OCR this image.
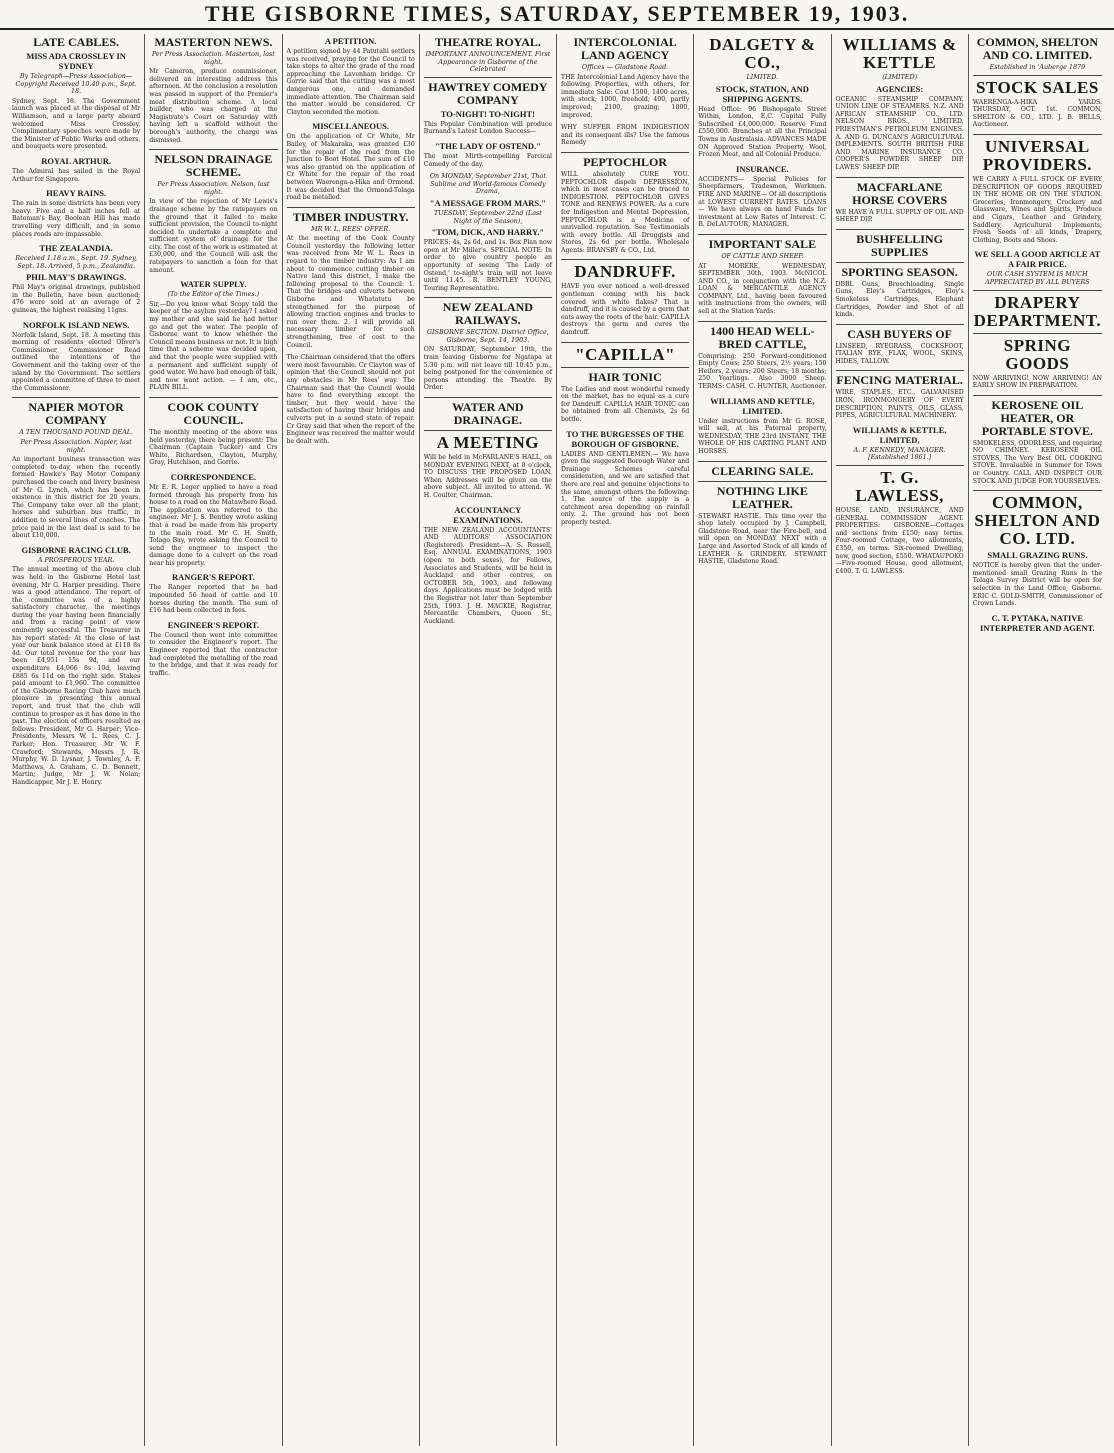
THE GISBORNE TIMES, SATURDAY, SEPTEMBER 19, 1903.
LATE CABLES.
MISS ADA CROSSLEY IN SYDNEY
By Telegraph—Press Association—Copyright Received 10.40 p.m., Sept. 18.
Sydney, Sept. 18. The Government launch was placed at the disposal of Mr Williamson, and a large party aboard welcomed Miss Crossley. Complimentary speeches were made by the Minister of Public Works and others, and bouquets were presented.
ROYAL ARTHUR.
The Admiral has sailed in the Royal Arthur for Singapore.
HEAVY RAINS.
The rain in some districts has been very heavy. Five and a half inches fell at Bateman's Bay, Boolean Hill has made travelling very difficult, and in some places roads are impassable.
THE ZEALANDIA.
Received 1.18 a.m., Sept. 19. Sydney, Sept. 18. Arrived, 5 p.m., Zealandia.
PHIL MAY'S DRAWINGS.
Phil May's original drawings, published in the Bulletin, have been auctioned; 476 were sold at an average of 2 guineas, the highest realising 11gns.
NORFOLK ISLAND NEWS.
Norfolk Island, Sept. 18. A meeting this morning of residents elected Oliver's Commissioner, Commissioner Read outlined the intentions of the Government and the taking over of the island by the Government. The settlers appointed a committee of three to meet the Commissioner.
NAPIER MOTOR COMPANY
A TEN THOUSAND POUND DEAL.
Per Press Association. Napier, last night.
An important business transaction was completed to-day, when the recently formed Hawke's Bay Motor Company purchased the coach and livery business of Mr G. Lynch, which has been in existence in this district for 20 years. The Company take over all the plant, horses and suburban bus traffic, in addition to several lines of coaches. The price paid in the last deal is said to be about £10,000.
GISBORNE RACING CLUB.
A PROSPEROUS YEAR.
The annual meeting of the above club was held in the Gisborne Hotel last evening, Mr G. Harper presiding. There was a good attendance. The report of the committee was of a highly satisfactory character, the meetings during the year having been financially and from a racing point of view eminently successful. The Treasurer in his report stated: At the close of last year our bank balance stood at £118 8s 4d. Our total revenue for the year has been £4,951 15s 9d, and our expenditure £4,066 8s 10d, leaving £885 6s 11d on the right side. Stakes paid amount to £1,960. The committee of the Gisborne Racing Club have much pleasure in presenting this annual report, and trust that the club will continue to prosper as it has done in the past. The election of officers resulted as follows: President, Mr G. Harper; Vice-Presidents, Messrs W. L. Rees, C. J. Parker; Hon. Treasurer, Mr W. F. Crawford; Stewards, Messrs J. R. Murphy, W. D. Lysnar, J. Townley, A. F. Matthews, A. Graham, C. D. Bennett, Martin; Judge, Mr J. W. Nolan; Handicapper, Mr J. E. Henry.
MASTERTON NEWS.
Per Press Association. Masterton, last night.
Mr Cameron, produce commissioner, delivered an interesting address this afternoon. At the conclusion a resolution was passed in support of the Premier's meat distribution scheme. A local builder, who was charged at the Magistrate's Court on Saturday with having left a scaffold without the borough's authority, the charge was dismissed.
NELSON DRAINAGE SCHEME.
Per Press Association. Nelson, last night.
In view of the rejection of Mr Lewis's drainage scheme by the ratepayers on the ground that it failed to make sufficient provision, the Council to-night decided to undertake a complete and sufficient system of drainage for the city. The cost of the work is estimated at £30,000, and the Council will ask the ratepayers to sanction a loan for that amount.
WATER SUPPLY.
(To the Editor of the Times.)
Sir,—Do you know what Scopy told the keeper at the asylum yesterday? I asked my mother and she said he had better go and get the water. The people of Gisborne want to know whether the Council means business or not. It is high time that a scheme was decided upon, and that the people were supplied with a permanent and sufficient supply of good water. We have had enough of talk, and now want action. — I am, etc., PLAIN BILL.
COOK COUNTY COUNCIL.
The monthly meeting of the above was held yesterday, there being present: The Chairman (Captain Tucker) and Crs White, Richardson, Clayton, Murphy, Gray, Hutchison, and Gorrie.
CORRESPONDENCE.
Mr E. R. Leger applied to have a road formed through his property from his house to a road on the Matawhero Road. The application was referred to the engineer. Mr J. S. Bentley wrote asking that a road be made from his property to the main road. Mr C. H. Smith, Tolago Bay, wrote asking the Council to send the engineer to inspect the damage done to a culvert on the road near his property.
RANGER'S REPORT.
The Ranger reported that he had impounded 56 head of cattle and 10 horses during the month. The sum of £16 had been collected in fees.
ENGINEER'S REPORT.
The Council then went into committee to consider the Engineer's report. The Engineer reported that the contractor had completed the metalling of the road to the bridge, and that it was ready for traffic.
A PETITION.
A petition signed by 44 Patutahi settlers was received, praying for the Council to take steps to alter the grade of the road approaching the Lavenham bridge. Cr Gorrie said that the cutting was a most dangerous one, and demanded immediate attention. The Chairman said the matter would be considered. Cr Clayton seconded the motion.
MISCELLANEOUS.
On the application of Cr White, Mr Bailey, of Makaraka, was granted £30 for the repair of the road from the Junction to Boot Hotel. The sum of £10 was also granted on the application of Cr White for the repair of the road between Waerenga-a-Hika and Ormond. It was decided that the Ormond-Tolaga road be metalled.
TIMBER INDUSTRY.
MR W. L. REES' OFFER.
At the meeting of the Cook County Council yesterday the following letter was received from Mr W. L. Rees in regard to the timber industry: As I am about to commence cutting timber on Native land this district, I make the following proposal to the Council: 1. That the bridges and culverts between Gisborne and Whatatutu be strengthened for the purpose of allowing traction engines and trucks to run over them. 2. I will provide all necessary timber for such strengthening, free of cost to the Council.
The Chairman considered that the offers were most favourable. Cr Clayton was of opinion that the Council should not put any obstacles in Mr Rees' way. The Chairman said that the Council would have to find everything except the timber, but they would have the satisfaction of having their bridges and culverts put in a sound state of repair. Cr Gray said that when the report of the Engineer was received the matter would be dealt with.
THEATRE ROYAL.
IMPORTANT ANNOUNCEMENT. First Appearance in Gisborne of the Celebrated
HAWTREY COMEDY COMPANY
TO-NIGHT! TO-NIGHT!
This Popular Combination will produce Burnand's Latest London Success—
"THE LADY OF OSTEND."
The most Mirth-compelling Farcical Comedy of the day.
On MONDAY, September 21st, That Sublime and World-famous Comedy Drama,
"A MESSAGE FROM MARS."
TUESDAY, September 22nd (Last Night of the Season),
"TOM, DICK, AND HARRY."
PRICES: 4s, 2s 6d, and 1s. Box Plan now open at Mr Miller's. SPECIAL NOTE: In order to give country people an opportunity of seeing 'The Lady of Ostend,' to-night's train will not leave until 11.45. R. BENTLEY YOUNG, Touring Representative.
NEW ZEALAND RAILWAYS.
GISBORNE SECTION. District Office, Gisborne, Sept. 14, 1903.
ON SATURDAY, September 19th, the train leaving Gisborne for Ngatapa at 5.30 p.m. will not leave till 10.45 p.m., being postponed for the convenience of persons attending the Theatre. By Order.
WATER AND DRAINAGE.
A MEETING
Will be held in McFARLANE'S HALL, on MONDAY EVENING NEXT, at 8 o'clock, TO DISCUSS THE PROPOSED LOAN. When Addresses will be given on the above subject. All invited to attend. W. H. Coulter, Chairman.
ACCOUNTANCY EXAMINATIONS.
THE NEW ZEALAND ACCOUNTANTS' AND AUDITORS' ASSOCIATION (Registered). President—A. S. Russell, Esq. ANNUAL EXAMINATIONS, 1903 (open to both sexes), for Fellows, Associates and Students, will be held in Auckland and other centres, on OCTOBER 5th, 1903, and following days. Applications must be lodged with the Registrar not later than September 25th, 1903. J. H. MACKIE, Registrar, Mercantile Chambers, Queen St., Auckland.
INTERCOLONIAL LAND AGENCY
Offices — Gladstone Road.
THE Intercolonial Land Agency have the following Properties, with others, for immediate Sale: Cost 1500, 1400 acres, with stock; 1000, freehold; 400, partly improved; 2100, grazing; 1800, improved.
WHY SUFFER FROM INDIGESTION and its consequent ills? Use the famous Remedy
PEPTOCHLOR
WILL absolutely CURE YOU. PEPTOCHLOR dispels DEPRESSION, which in most cases can be traced to INDIGESTION. PEPTOCHLOR GIVES TONE and RENEWS POWER. As a cure for Indigestion and Mental Depression, PEPTOCHLOR is a Medicine of unrivalled reputation. See Testimonials with every bottle. All Druggists and Stores, 2s 6d per bottle. Wholesale Agents: BRANSBY & CO., Ltd.
DANDRUFF.
HAVE you ever noticed a well-dressed gentleman coming with his back covered with white flakes? That is dandruff, and it is caused by a germ that eats away the roots of the hair. CAPILLA destroys the germ and cures the dandruff.
"CAPILLA"
HAIR TONIC
The Ladies and most wonderful remedy on the market, has no equal as a cure for Dandruff. CAPILLA HAIR TONIC can be obtained from all Chemists, 2s 6d bottle.
TO THE BURGESSES OF THE BOROUGH OF GISBORNE.
LADIES AND GENTLEMEN,— We have given the suggested Borough Water and Drainage Schemes careful consideration, and we are satisfied that there are real and genuine objections to the same, amongst others the following: 1. The source of the supply is a catchment area depending on rainfall only. 2. The ground has not been properly tested.
DALGETY & CO.,
LIMITED.
STOCK, STATION, AND SHIPPING AGENTS.
Head Office: 96 Bishopsgate Street Within, London, E.C. Capital Fully Subscribed £4,000,000. Reserve Fund £550,000. Branches at all the Principal Towns in Australasia. ADVANCES MADE ON Approved Station Property, Wool, Frozen Meat, and all Colonial Produce.
INSURANCE.
ACCIDENTS— Special Policies for Sheepfarmers, Tradesmen, Workmen. FIRE AND MARINE— Of all descriptions at LOWEST CURRENT RATES. LOANS— We have always on hand Funds for investment at Low Rates of Interest. C. B. DeLAUTOUR, MANAGER.
IMPORTANT SALE
OF CATTLE AND SHEEP.
AT MORERE, WEDNESDAY, SEPTEMBER 30th, 1903. McNICOL AND CO., in conjunction with the N.Z. LOAN & MERCANTILE AGENCY COMPANY, Ltd., having been favoured with instructions from the owners, will sell at the Station Yards:
1400 HEAD WELL-BRED CATTLE,
Comprising: 250 Forward-conditioned Empty Cows; 250 Steers, 2½ years; 150 Heifers, 2 years; 200 Steers, 18 months; 250 Yearlings. Also 3000 Sheep. TERMS: CASH. C. HUNTER, Auctioneer.
WILLIAMS AND KETTLE, LIMITED.
Under instructions from Mr G. ROSE, will sell, at his Paternal property, WEDNESDAY, THE 23rd INSTANT, THE WHOLE OF HIS CARTING PLANT AND HORSES.
CLEARING SALE.
NOTHING LIKE LEATHER.
STEWART HASTIE. This time over the shop lately occupied by J. Campbell, Gladstone Road, near the Fire-bell, and will open on MONDAY NEXT with a Large and Assorted Stock of all kinds of LEATHER & GRINDERY. STEWART HASTIE, Gladstone Road.
WILLIAMS & KETTLE
(LIMITED)
AGENCIES:
OCEANIC STEAMSHIP COMPANY. UNION LINE OF STEAMERS. N.Z. AND AFRICAN STEAMSHIP CO., LTD. NELSON BROS., LIMITED. PRIESTMAN'S PETROLEUM ENGINES. A. AND G. DUNCAN'S AGRICULTURAL IMPLEMENTS. SOUTH BRITISH FIRE AND MARINE INSURANCE CO. COOPER'S POWDER SHEEP DIP. LAWES' SHEEP DIP.
MACFARLANE HORSE COVERS
WE HAVE A FULL SUPPLY OF OIL AND SHEEP DIP.
BUSHFELLING SUPPLIES
SPORTING SEASON.
DBBL Guns, Breechloading, Single Guns, Eley's Cartridges, Eley's Smokeless Cartridges, Elephant Cartridges, Powder and Shot of all kinds.
CASH BUYERS OF
LINSEED, RYEGRASS, COCKSFOOT, ITALIAN RYE, FLAX, WOOL, SKINS, HIDES, TALLOW.
FENCING MATERIAL.
WIRE, STAPLES, ETC., GALVANISED IRON, IRONMONGERY OF EVERY DESCRIPTION, PAINTS, OILS, GLASS, PIPES, AGRICULTURAL MACHINERY.
WILLIAMS & KETTLE, LIMITED,
A. F. KENNEDY, MANAGER. [Established 1861.]
T. G. LAWLESS,
HOUSE, LAND, INSURANCE, AND GENERAL COMMISSION AGENT. PROPERTIES: GISBORNE—Cottages and sections from £150; easy terms. Four-roomed Cottage, two allotments, £350, on terms. Six-roomed Dwelling, new, good section, £550. WHATAUPOKO—Five-roomed House, good allotment, £400. T. G. LAWLESS.
COMMON, SHELTON AND CO. LIMITED.
Established in 'Auberge 1879
STOCK SALES
WAERENGA-A-HIKA YARDS. THURSDAY, OCT. 1st. COMMON, SHELTON & CO., LTD. J. B. BELLS, Auctioneer.
UNIVERSAL PROVIDERS.
WE CARRY A FULL STOCK OF EVERY DESCRIPTION OF GOODS REQUIRED IN THE HOME OR ON THE STATION. Groceries, Ironmongery, Crockery and Glassware, Wines and Spirits, Produce and Cigars, Leather and Grindery, Saddlery, Agricultural Implements, Fresh Seeds of all kinds, Drapery, Clothing, Boots and Shoes.
WE SELL A GOOD ARTICLE AT A FAIR PRICE.
OUR CASH SYSTEM IS MUCH APPRECIATED BY ALL BUYERS
DRAPERY DEPARTMENT.
SPRING GOODS
NOW ARRIVING! NOW ARRIVING! AN EARLY SHOW IN PREPARATION.
KEROSENE OIL HEATER, OR PORTABLE STOVE.
SMOKELESS, ODORLESS, and requiring NO CHIMNEY. KEROSENE OIL STOVES, The Very Best OIL COOKING STOVE. Invaluable in Summer for Town or Country. CALL AND INSPECT OUR STOCK AND JUDGE FOR YOURSELVES.
COMMON, SHELTON AND CO. LTD.
SMALL GRAZING RUNS.
NOTICE is hereby given that the under-mentioned small Grazing Runs in the Tolaga Survey District will be open for selection in the Land Office, Gisborne. ERIC C. GOLD-SMITH, Commissioner of Crown Lands.
C. T. PYTAKA, NATIVE INTERPRETER AND AGENT.
